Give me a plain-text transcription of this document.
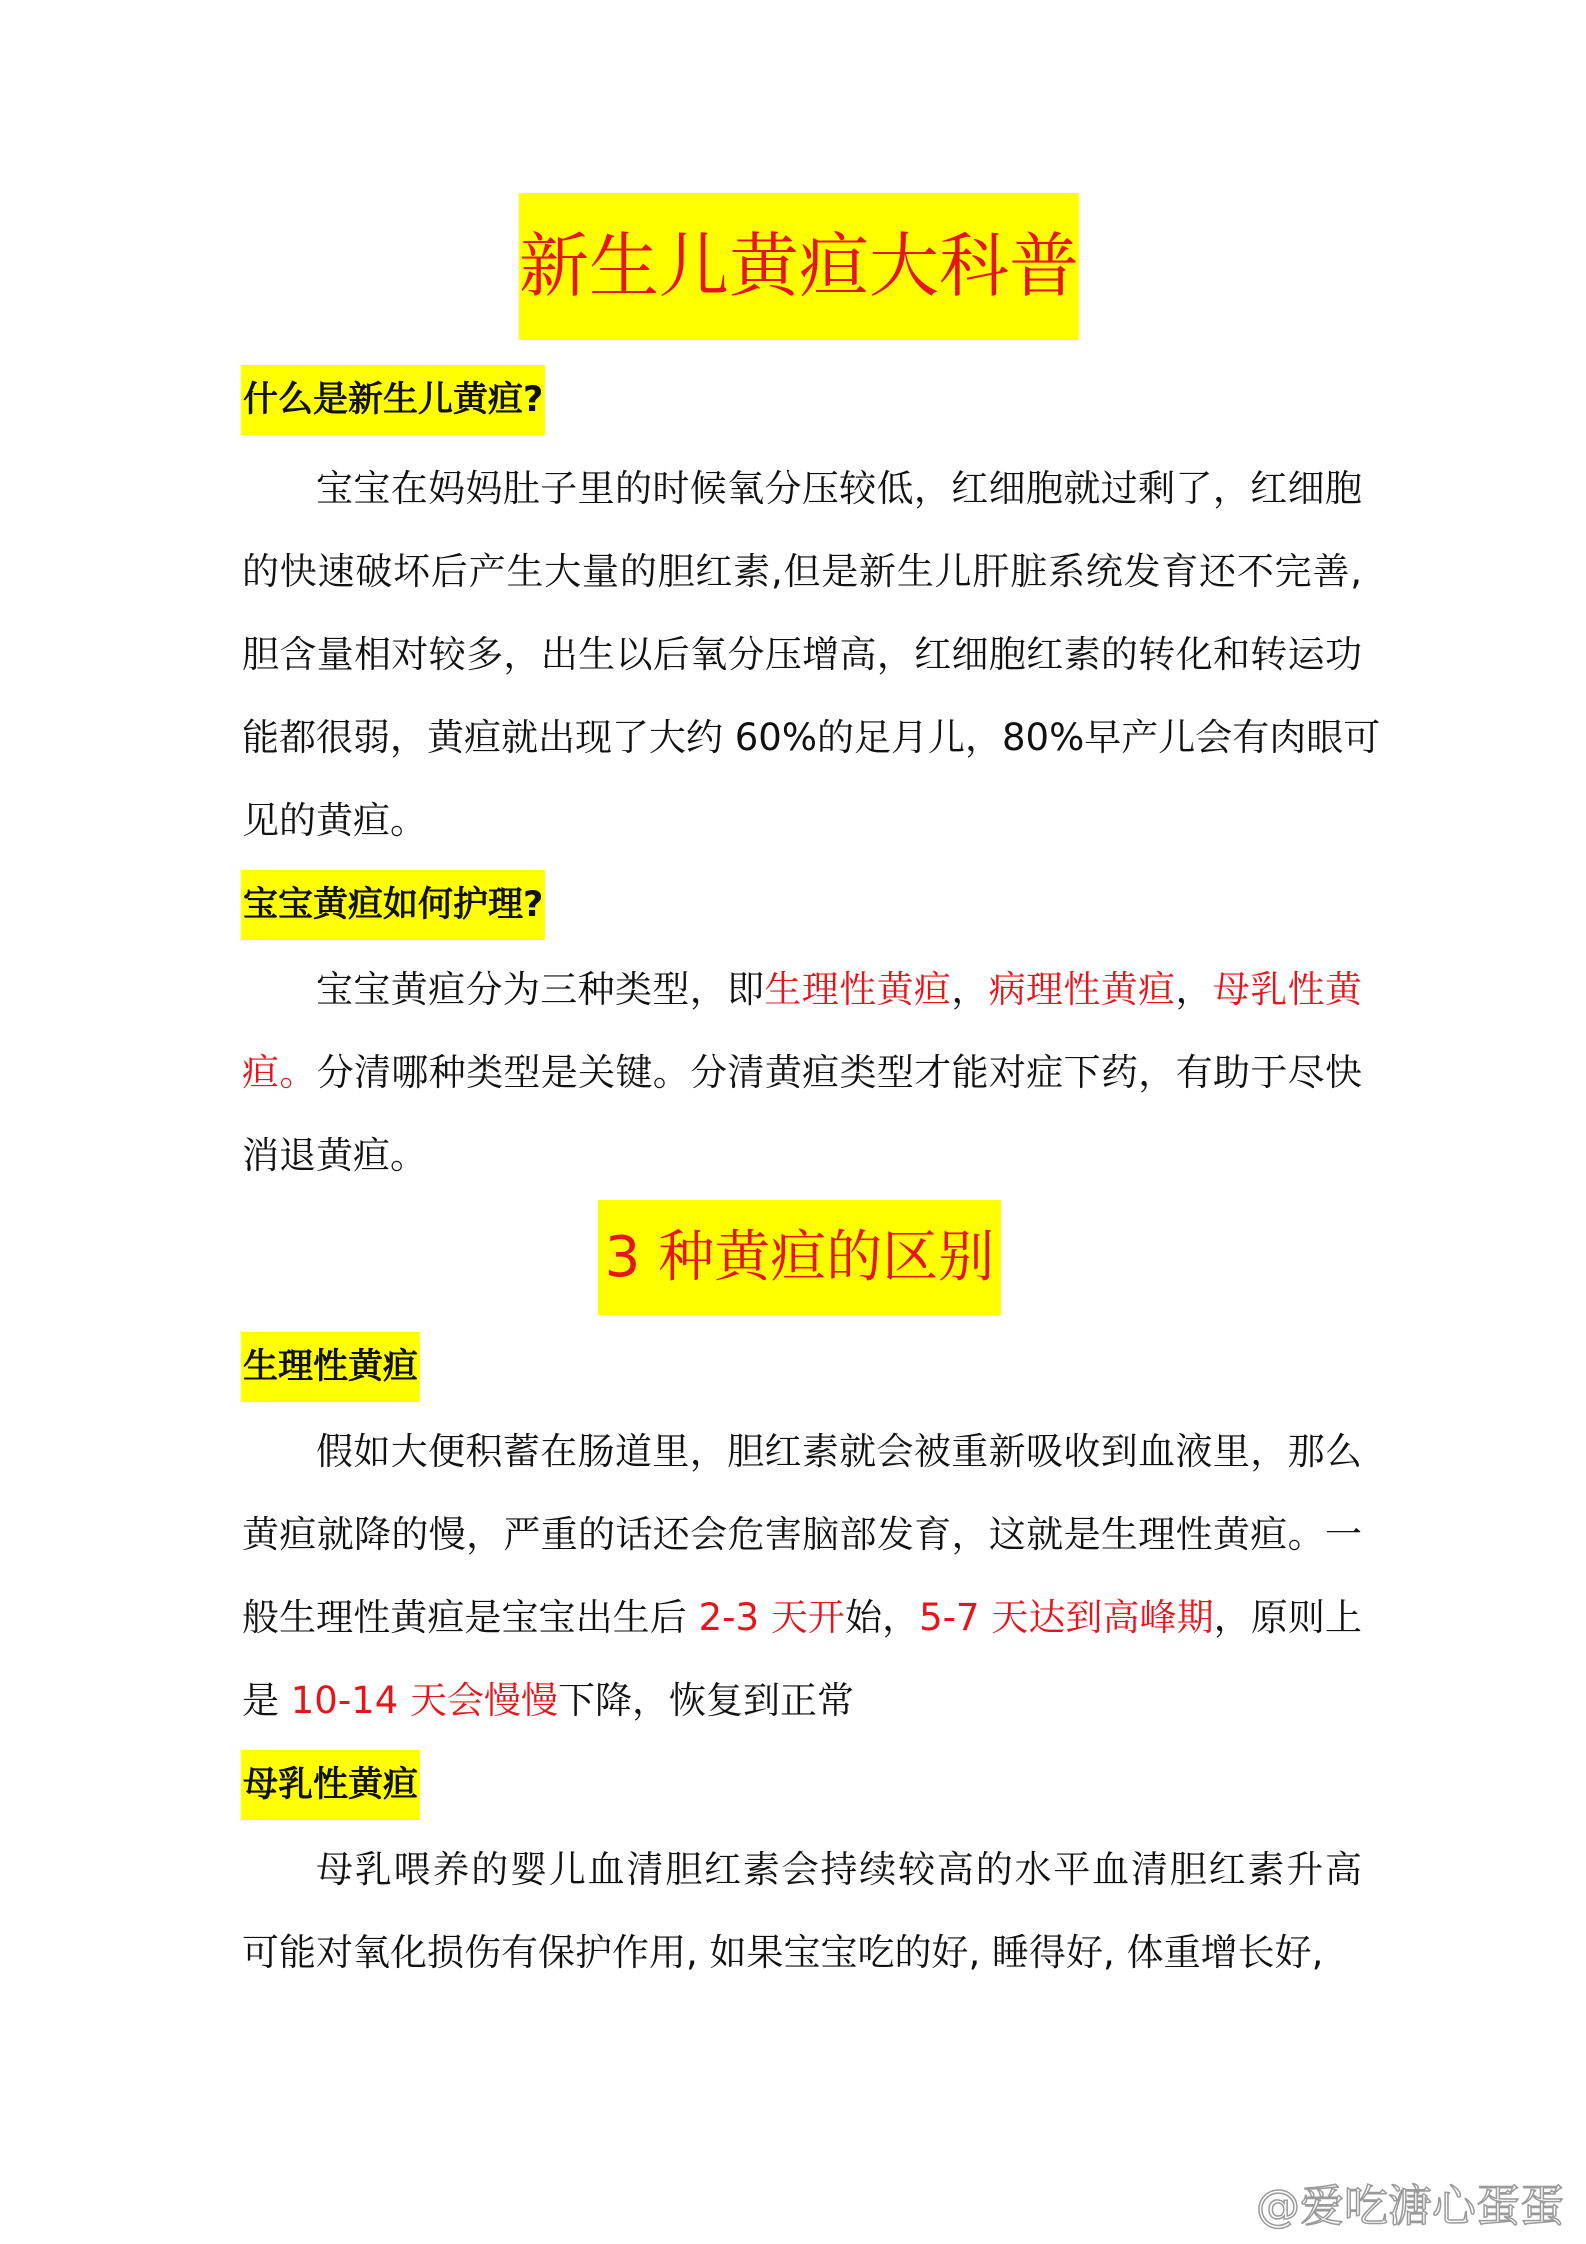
新生儿黄疸大科普
什么是新生儿黄疸?
宝宝在妈妈肚子里的时候氧分压较低，红细胞就过剩了，红细胞
的快速破坏后产生大量的胆红素,但是新生儿肝脏系统发育还不完善,
胆含量相对较多，出生以后氧分压增高，红细胞红素的转化和转运功
能都很弱，黄疸就出现了大约 60%的足月儿，80%早产儿会有肉眼可
见的黄疸。
宝宝黄疸如何护理?
宝宝黄疸分为三种类型，即生理性黄疸，病理性黄疸，母乳性黄
疸。分清哪种类型是关键。分清黄疸类型才能对症下药，有助于尽快
消退黄疸。
3 种黄疸的区别
生理性黄疸
假如大便积蓄在肠道里，胆红素就会被重新吸收到血液里，那么
黄疸就降的慢，严重的话还会危害脑部发育，这就是生理性黄疸。一
般生理性黄疸是宝宝出生后 2-3 天开始，5-7 天达到高峰期，原则上
是 10-14 天会慢慢下降，恢复到正常
母乳性黄疸
母乳喂养的婴儿血清胆红素会持续较高的水平血清胆红素升高
可能对氧化损伤有保护作用, 如果宝宝吃的好, 睡得好, 体重增长好,
@爱吃溏心蛋蛋
